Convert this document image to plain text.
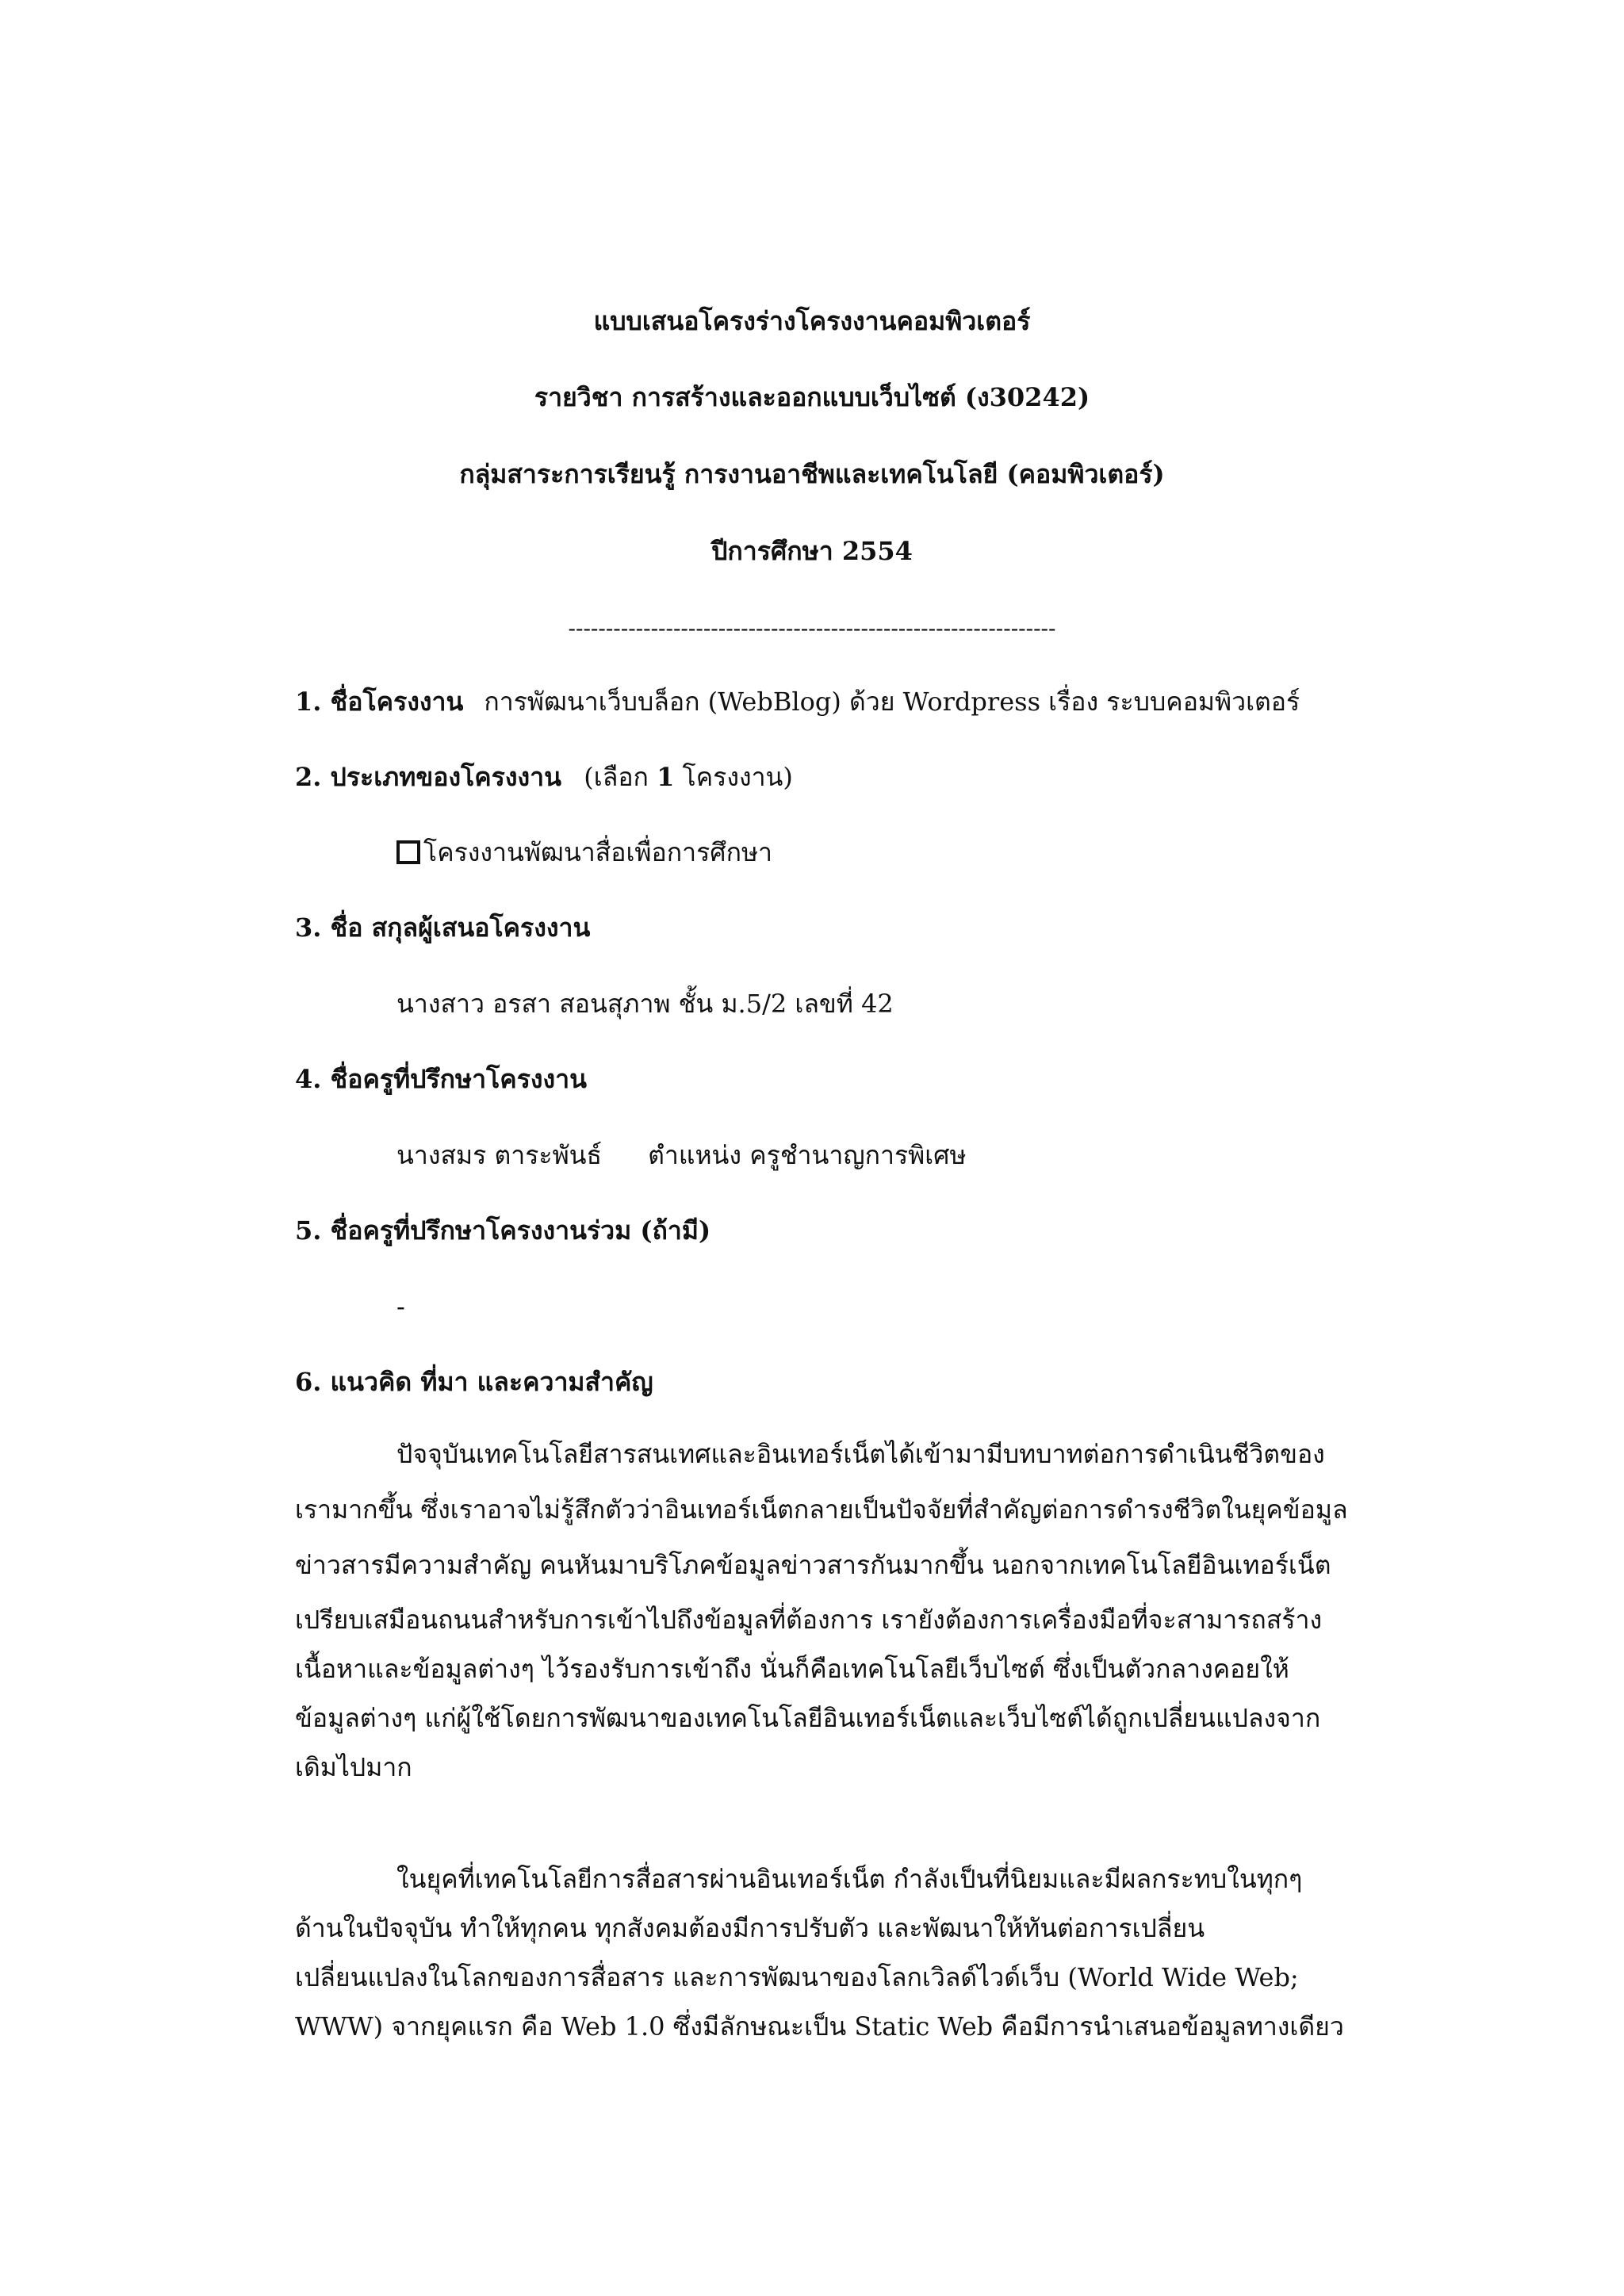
แบบเสนอโครงร่างโครงงานคอมพิวเตอร์
รายวิชา การสร้างและออกแบบเว็บไซต์ (ง30242)
กลุ่มสาระการเรียนรู้ การงานอาชีพและเทคโนโลยี (คอมพิวเตอร์)
ปีการศึกษา 2554
-----------------------------------------------------------------
1. ชื่อโครงงาน การพัฒนาเว็บบล็อก (WebBlog) ด้วย Wordpress เรื่อง ระบบคอมพิวเตอร์
2. ประเภทของโครงงาน (เลือก 1 โครงงาน)
โครงงานพัฒนาสื่อเพื่อการศึกษา
3. ชื่อ สกุลผู้เสนอโครงงาน
นางสาว อรสา สอนสุภาพ ชั้น ม.5/2 เลขที่ 42
4. ชื่อครูที่ปรึกษาโครงงาน
นางสมร ตาระพันธ์ ตำแหน่ง ครูชำนาญการพิเศษ
5. ชื่อครูที่ปรึกษาโครงงานร่วม (ถ้ามี)
-
6. แนวคิด ที่มา และความสำคัญ
ปัจจุบันเทคโนโลยีสารสนเทศและอินเทอร์เน็ตได้เข้ามามีบทบาทต่อการดำเนินชีวิตของ
เรามากขึ้น ซึ่งเราอาจไม่รู้สึกตัวว่าอินเทอร์เน็ตกลายเป็นปัจจัยที่สำคัญต่อการดำรงชีวิตในยุคข้อมูล
ข่าวสารมีความสำคัญ คนหันมาบริโภคข้อมูลข่าวสารกันมากขึ้น นอกจากเทคโนโลยีอินเทอร์เน็ต
เปรียบเสมือนถนนสำหรับการเข้าไปถึงข้อมูลที่ต้องการ เรายังต้องการเครื่องมือที่จะสามารถสร้าง
เนื้อหาและข้อมูลต่างๆ ไว้รองรับการเข้าถึง นั่นก็คือเทคโนโลยีเว็บไซต์ ซึ่งเป็นตัวกลางคอยให้
ข้อมูลต่างๆ แก่ผู้ใช้โดยการพัฒนาของเทคโนโลยีอินเทอร์เน็ตและเว็บไซต์ได้ถูกเปลี่ยนแปลงจาก
เดิมไปมาก
ในยุคที่เทคโนโลยีการสื่อสารผ่านอินเทอร์เน็ต กำลังเป็นที่นิยมและมีผลกระทบในทุกๆ
ด้านในปัจจุบัน ทำให้ทุกคน ทุกสังคมต้องมีการปรับตัว และพัฒนาให้ทันต่อการเปลี่ยน
เปลี่ยนแปลงในโลกของการสื่อสาร และการพัฒนาของโลกเวิลด์ไวด์เว็บ (World Wide Web;
WWW) จากยุคแรก คือ Web 1.0 ซึ่งมีลักษณะเป็น Static Web คือมีการนำเสนอข้อมูลทางเดียว
